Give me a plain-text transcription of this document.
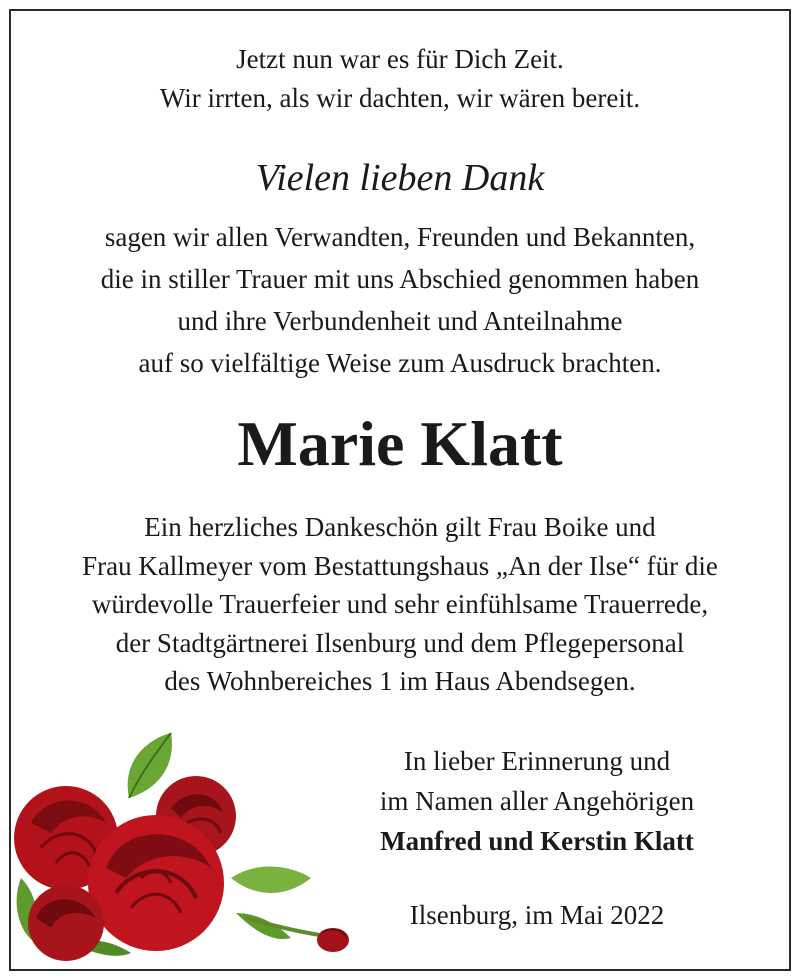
Jetzt nun war es für Dich Zeit.
Wir irrten, als wir dachten, wir wären bereit.
Vielen lieben Dank
sagen wir allen Verwandten, Freunden und Bekannten,
die in stiller Trauer mit uns Abschied genommen haben
und ihre Verbundenheit und Anteilnahme
auf so vielfältige Weise zum Ausdruck brachten.
Marie Klatt
Ein herzliches Dankeschön gilt Frau Boike und
Frau Kallmeyer vom Bestattungshaus „An der Ilse“ für die
würdevolle Trauerfeier und sehr einfühlsame Trauerrede,
der Stadtgärtnerei Ilsenburg und dem Pflegepersonal
des Wohnbereiches 1 im Haus Abendsegen.
In lieber Erinnerung und
im Namen aller Angehörigen
Manfred und Kerstin Klatt
Ilsenburg, im Mai 2022
